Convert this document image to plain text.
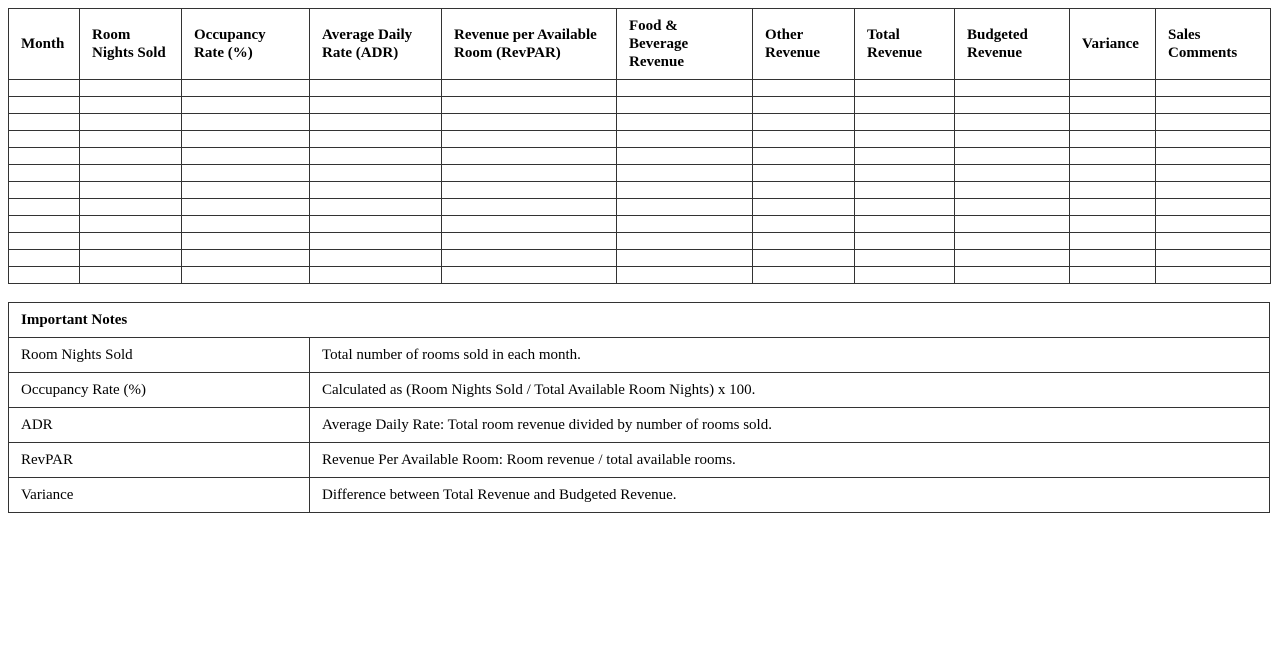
Month	Room Nights Sold	Occupancy Rate (%)	Average Daily Rate (ADR)	Revenue per Available Room (RevPAR)	Food & Beverage Revenue	Other Revenue	Total Revenue	Budgeted Revenue	Variance	Sales Comments

Important Notes	
Room Nights Sold	Total number of rooms sold in each month.
Occupancy Rate (%)	Calculated as (Room Nights Sold / Total Available Room Nights) x 100.
ADR	Average Daily Rate: Total room revenue divided by number of rooms sold.
RevPAR	Revenue Per Available Room: Room revenue / total available rooms.
Variance	Difference between Total Revenue and Budgeted Revenue.
